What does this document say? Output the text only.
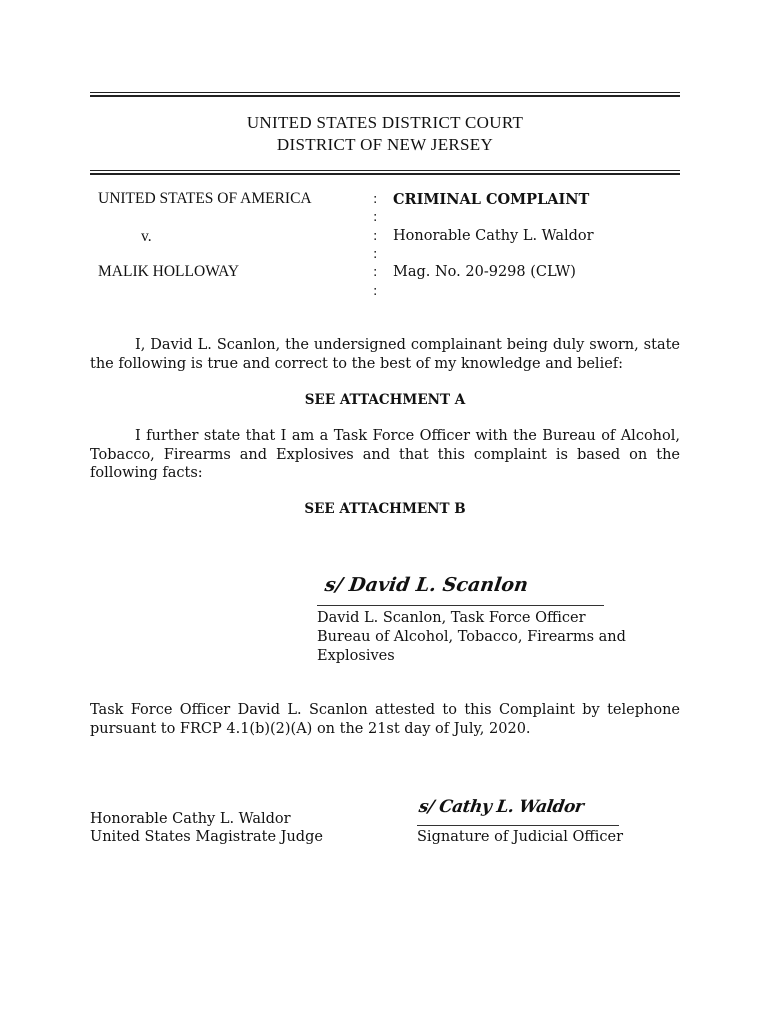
UNITED STATES DISTRICT COURT
DISTRICT OF NEW JERSEY
UNITED STATES OF AMERICA
v.
MALIK HOLLOWAY
:
:
:
:
:
:
CRIMINAL COMPLAINT
Honorable Cathy L. Waldor
Mag. No. 20-9298 (CLW)
I, David L. Scanlon, the undersigned complainant being duly sworn, state the following is true and correct to the best of my knowledge and belief:
SEE ATTACHMENT A
I further state that I am a Task Force Officer with the Bureau of Alcohol, Tobacco, Firearms and Explosives and that this complaint is based on the following facts:
SEE ATTACHMENT B
s/ David L. Scanlon
David L. Scanlon, Task Force Officer
Bureau of Alcohol, Tobacco, Firearms and
Explosives
Task Force Officer David L. Scanlon attested to this Complaint by telephone pursuant to FRCP 4.1(b)(2)(A) on the 21st day of July, 2020.
Honorable Cathy L. Waldor
United States Magistrate Judge
s/ Cathy L. Waldor
Signature of Judicial Officer
